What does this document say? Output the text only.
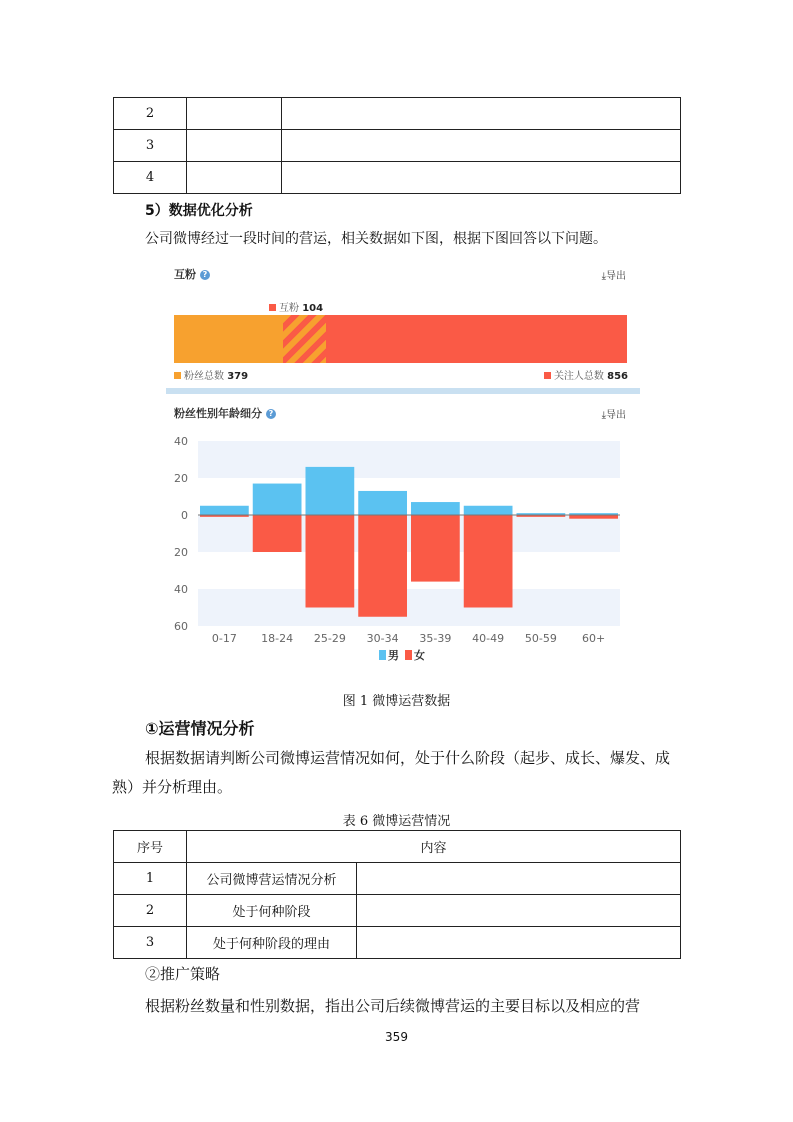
2		
3		
4		
5）数据优化分析
公司微博经过一段时间的营运，相关数据如下图，根据下图回答以下问题。
互粉 ?	⤓导出
互粉 104
粉丝总数 379	关注人总数 856
粉丝性别年龄细分 ?	⤓导出
40
20
0
20
40
60
0-17 18-24 25-29 30-34 35-39 40-49 50-59 60+
男 女
图 1 微博运营数据
①运营情况分析
根据数据请判断公司微博运营情况如何，处于什么阶段（起步、成长、爆发、成熟）并分析理由。
表 6 微博运营情况
序号	内容	
1	公司微博营运情况分析	
2	处于何种阶段	
3	处于何种阶段的理由	
②推广策略
根据粉丝数量和性别数据，指出公司后续微博营运的主要目标以及相应的营
359
